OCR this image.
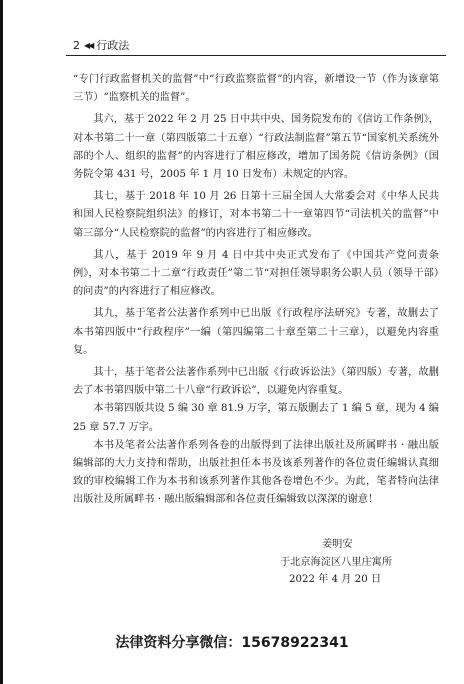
2 ◀◀ 行政法

“专门行政监督机关的监督”中“行政监察监督”的内容，新增设一节（作为该章第三节）“监察机关的监督”。

其六，基于 2022 年 2 月 25 日中共中央、国务院发布的《信访工作条例》，对本书第二十一章（第四版第二十五章）“行政法制监督”第五节“国家机关系统外部的个人、组织的监督”的内容进行了相应修改，增加了国务院《信访条例》（国务院令第 431 号，2005 年 1 月 10 日发布）未规定的内容。

其七，基于 2018 年 10 月 26 日第十三届全国人大常委会对《中华人民共和国人民检察院组织法》的修订，对本书第二十一章第四节“司法机关的监督”中第三部分“人民检察院的监督”的内容进行了相应修改。

其八，基于 2019 年 9 月 4 日中共中央正式发布了《中国共产党问责条例》，对本书第二十二章“行政责任”第二节“对担任领导职务公职人员（领导干部）的问责”的内容进行了相应修改。

其九，基于笔者公法著作系列中已出版《行政程序法研究》专著，故删去了本书第四版中“行政程序”一编（第四编第二十章至第二十三章），以避免内容重复。

其十，基于笔者公法著作系列中已出版《行政诉讼法》（第四版）专著，故删去了本书第四版中第二十八章“行政诉讼”，以避免内容重复。

本书第四版共设 5 编 30 章 81.9 万字，第五版删去了 1 编 5 章，现为 4 编 25 章 57.7 万字。

本书及笔者公法著作系列各卷的出版得到了法律出版社及所属畔书 · 融出版编辑部的大力支持和帮助，出版社担任本书及该系列著作的各位责任编辑认真细致的审校编辑工作为本书和该系列著作其他各卷增色不少。为此，笔者特向法律出版社及所属畔书 · 融出版编辑部和各位责任编辑致以深深的谢意！

姜明安
于北京海淀区八里庄寓所
2022 年 4 月 20 日
法律资料分享微信：15678922341
